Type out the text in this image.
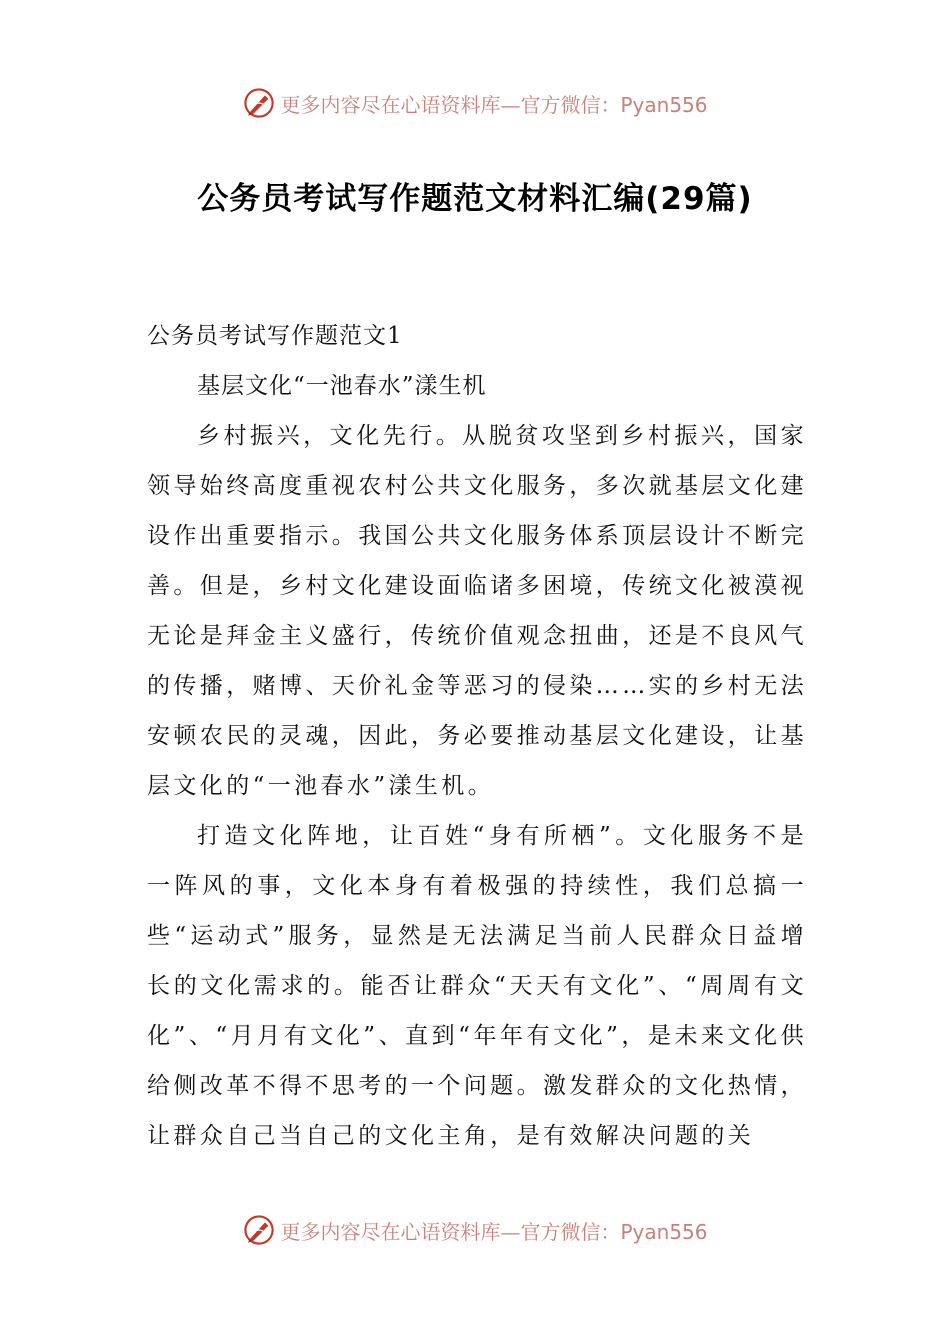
更多内容尽在心语资料库—官方微信：Pyan556
公务员考试写作题范文材料汇编(29篇)

公务员考试写作题范文1

基层文化“一池春水”漾生机

乡村振兴，文化先行。从脱贫攻坚到乡村振兴，国家领导始终高度重视农村公共文化服务，多次就基层文化建设作出重要指示。我国公共文化服务体系顶层设计不断完善。但是，乡村文化建设面临诸多困境，传统文化被漠视无论是拜金主义盛行，传统价值观念扭曲，还是不良风气的传播，赌博、天价礼金等恶习的侵染……实的乡村无法安顿农民的灵魂，因此，务必要推动基层文化建设，让基层文化的“一池春水”漾生机。

打造文化阵地，让百姓“身有所栖”。文化服务不是一阵风的事，文化本身有着极强的持续性，我们总搞一些“运动式”服务，显然是无法满足当前人民群众日益增长的文化需求的。能否让群众“天天有文化”、“周周有文化”、“月月有文化”、直到“年年有文化”，是未来文化供给侧改革不得不思考的一个问题。激发群众的文化热情，让群众自己当自己的文化主角，是有效解决问题的关

更多内容尽在心语资料库—官方微信：Pyan556
